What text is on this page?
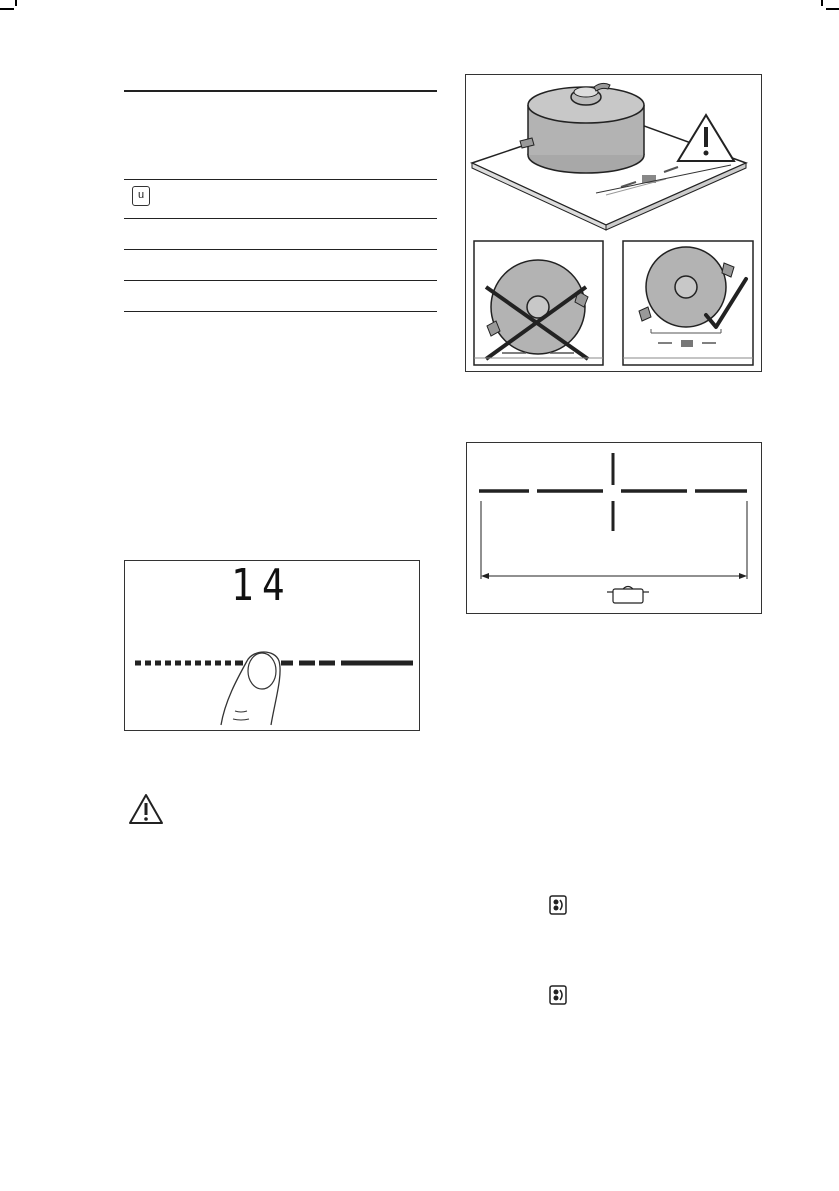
u
14
